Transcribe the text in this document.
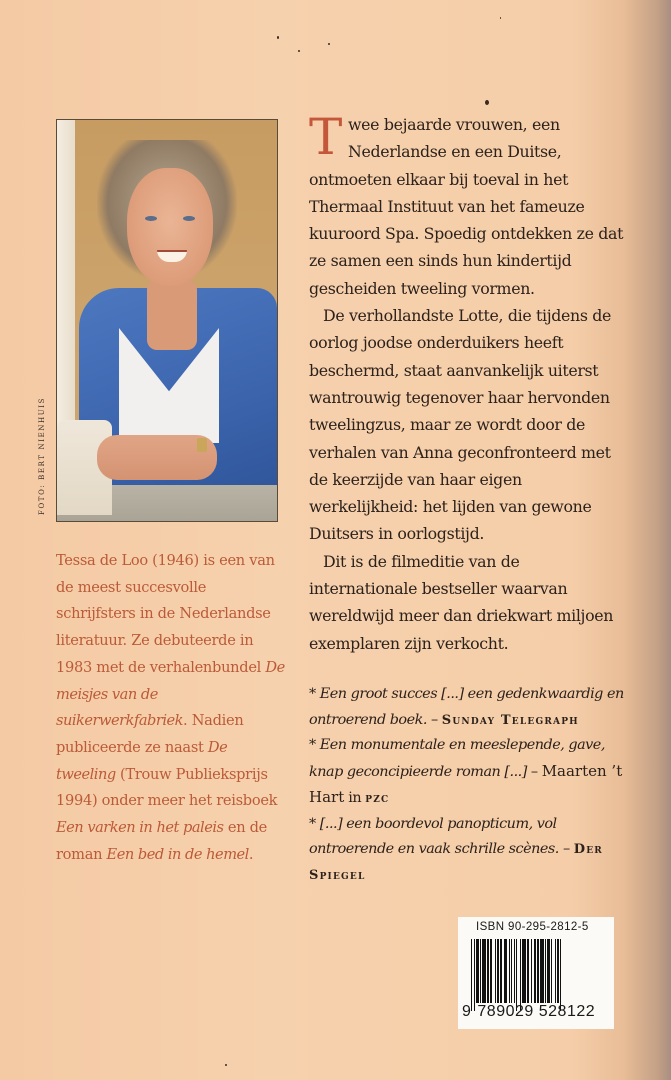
FOTO: BERT NIENHUIS
Tessa de Loo (1946) is een van de meest succesvolle schrijfsters in de Nederlandse literatuur. Ze debuteerde in 1983 met de verhalenbundel De meisjes van de suikerwerkfabriek. Nadien publiceerde ze naast De tweeling (Trouw Publieksprijs 1994) onder meer het reisboek Een varken in het paleis en de roman Een bed in de hemel.

Twee bejaarde vrouwen, een Nederlandse en een Duitse, ontmoeten elkaar bij toeval in het Thermaal Instituut van het fameuze kuuroord Spa. Spoedig ontdekken ze dat ze samen een sinds hun kindertijd gescheiden tweeling vormen.

De verhollandste Lotte, die tijdens de oorlog joodse onderduikers heeft beschermd, staat aanvankelijk uiterst wantrouwig tegenover haar hervonden tweelingzus, maar ze wordt door de verhalen van Anna geconfronteerd met de keerzijde van haar eigen werkelijkheid: het lijden van gewone Duitsers in oorlogstijd.

Dit is de filmeditie van de internationale bestseller waarvan wereldwijd meer dan driekwart miljoen exemplaren zijn verkocht.

* Een groot succes [...] een gedenkwaardig en ontroerend boek. – Sunday Telegraph

* Een monumentale en meeslepende, gave, knap geconcipieerde roman [...] – Maarten ’t Hart in pzc

* [...] een boordevol panopticum, vol ontroerende en vaak schrille scènes. – Der Spiegel

ISBN 90-295-2812-5
9 789029 528122
